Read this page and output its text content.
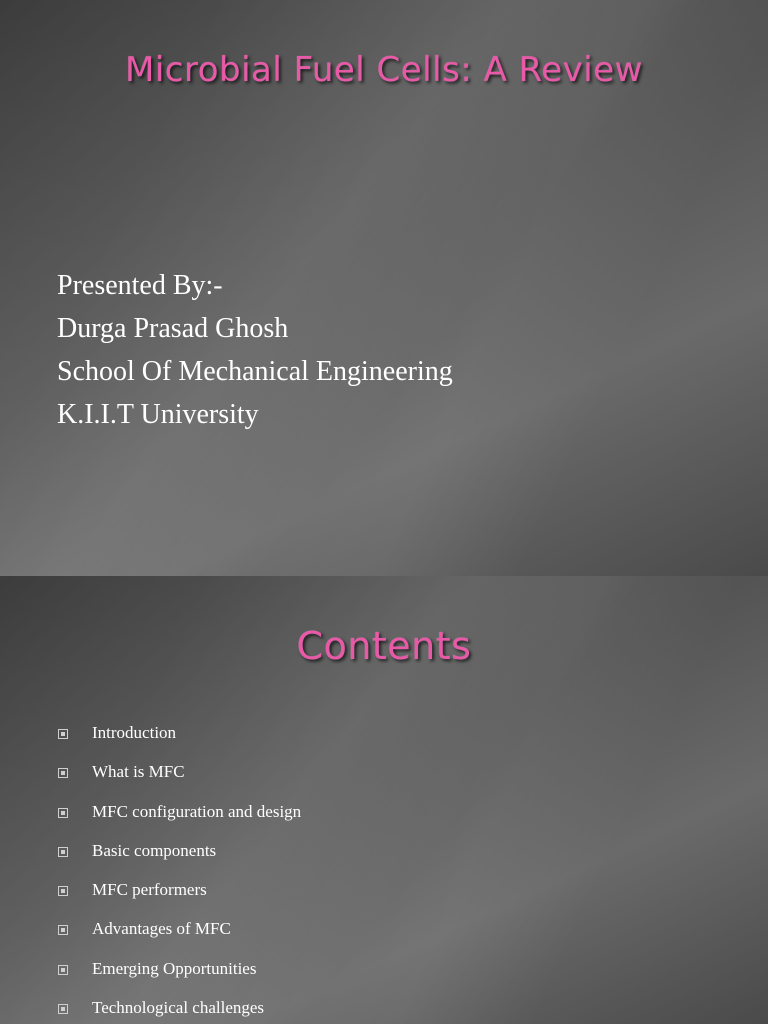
Microbial Fuel Cells: A Review
Presented By:-
Durga Prasad Ghosh
School Of Mechanical Engineering
K.I.I.T University
Contents
Introduction
What is MFC
MFC configuration and design
Basic components
MFC performers
Advantages of MFC
Emerging Opportunities
Technological challenges
